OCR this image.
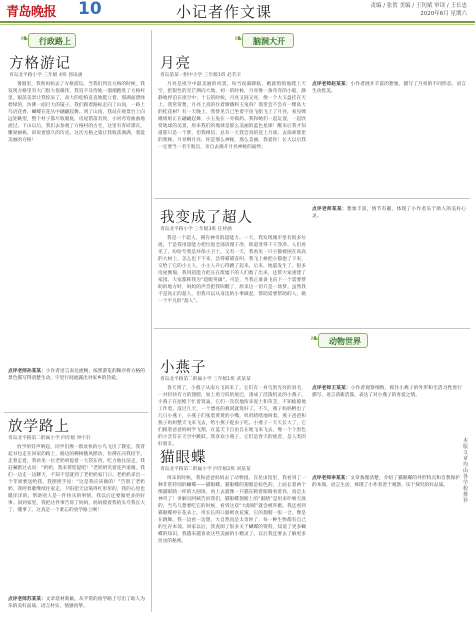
青岛晚报 10	小记者作文课	责编 / 张贺 美编 / 王钊斌 审读 / 王长忠
2020年6月 星期六
❧ 行政路上
方格游记
青岛北平路小学 三年级 4班 郭雨涵
暑假里，我和妈妈去了方格游玩。当我们到达方格的时候，我发现方格里有大门很大很雄伟，我迫不及待地一溜烟跑进了方格村里。眼前美景让我惊呆了，高大的松柏直直地挺立着，那湖面碧绿碧绿的，仿佛一面巨大的镜子。我们跟着路标走向了山顶，一路上鸟语花香，蝴蝶在花丛中翩翩起舞。到了山顶，我站在观景台上向远处眺望，整个村子都尽收眼底，房屋错落有致，小河弯弯曲曲地流过。下山以后，我们去参观了方格村的古宅，这里有青砖黛瓦，雕梁画栋，诉说着悠久的历史。这次方格之旅让我收获满满，我爱美丽的方格！
点评老师孙某某：小作者语言表达流畅，按照游览的顺序将方格的景色描写得清楚生动，字里行间流露出对家乡的热爱。
放学路上
青岛北平路第二附属小学 四年级 钟宇轩
放学的铃声响起，同学们像一群欢快的小鸟飞出了教室。我背起书包走在回家的路上，路边的柳树随风摆动，仿佛在向我招手。走着走着，我看见一位老奶奶提着一大袋东西，吃力地往前走。我赶紧跑过去说：“奶奶，我来帮您提吧！”老奶奶笑着连声道谢。我们一边走一边聊天，不知不觉就到了老奶奶家门口。老奶奶拿出一个苹果要送给我，我摆摆手说：“这是我应该做的！”告别了老奶奶，我哼着歌继续往家走，夕阳把天边染得红彤彤的，我的心里也暖洋洋的。帮助别人是一件快乐的事情，我以后还要做更多的好事。回到家里，我把这件事告诉了妈妈，妈妈摸着我的头夸我长大了、懂事了。这真是一个难忘的放学路上啊！
点评老师苏某某：文章选材新颖，从平常的放学路上写出了助人为乐的美好品质，语言朴实，情感真挚。
❧ 脑洞大开
月亮
青岛第某一附中小学 三年级1班 赵若辛
月亮是夜空中最美丽的风景。每当夜幕降临，她就悄悄地爬上天空，把银色的光芒洒向大地。初一的时候，月亮像一条弯弯的小船，静静地停泊在夜空中；十五的时候，月亮又圆又亮，像一个大玉盘挂在天上。我常常想，月亮上真的住着嫦娥和玉兔吗？那里会不会有一棵高大的桂花树？有一天晚上，我梦见自己坐着宇宙飞船飞上了月亮，看见嫦娥姐姐正在翩翩起舞，小玉兔在一旁捣药。我和她们一起玩耍，一起欣赏地球的美景，原来我们的地球是那么美丽的蓝色星球！醒来后我才知道那只是一个梦，但我相信，总有一天我会真的登上月球，去探索那里的奥秘。月亮啊月亮，你是那么神秘，那么美丽，我爱你！长大以后我一定要当一名宇航员，亲自去揭开月亮神秘的面纱。
点评老师赵某某：小作者展开丰富的想象，描写了月亮的不同形态，语言生动优美。
我变成了超人
青岛北平路小学 三年级3班 任梓涵
我是一个超人，拥有神奇的超能力。一天，我发现城市里有很多垃圾，于是我用超能力把垃圾全部清理干净，街道变得干干净净。人们看见了，纷纷夸我是环保小卫士。又有一天，我看见一只小猫被困在高高的大树上，怎么也下不来，急得喵喵直叫。我飞上树把小猫抱了下来，交给了它的小主人，小主人开心得跳了起来。后来，地震发生了，很多房屋倒塌，我用超能力把压在废墟下的人们救了出来，还帮大家重建了家园。大家都称我为“超级英雄”。可是，当我正准备飞向下一个需要帮助的地方时，妈妈的声音把我叫醒了，原来这一切只是一场梦。虽然我不是真正的超人，但我可以从身边的小事做起，帮助需要帮助的人，做一个平凡的“超人”。
点评老师某某：想象丰富，情节有趣，体现了小作者乐于助人的美好心灵。
❧ 动物世界
小燕子
青岛北平路第二附属小学 三年级1班 武某某
春天到了，小燕子从南方飞回来了。它们有一身乌黑光亮的羽毛，一对轻快有力的翅膀，加上剪刀似的尾巴，凑成了活泼机灵的小燕子。小燕子在屋檐下忙着筑巢，它们一次次地衔来泥土和草茎，不知疲倦地工作着。没过几天，一个漂亮的燕窝就筑好了。不久，燕子妈妈孵出了几只小燕子，小燕子们张着黄黄的小嘴，叽叽喳喳地叫着。燕子爸爸和燕子妈妈整天飞来飞去，给小燕子捉虫子吃。小燕子一天天长大了，它们跟着爸爸妈妈学飞翔，在蓝天下自由自在地飞来飞去，像一个个黑色的小音符在天空中跳跃。我喜欢小燕子，它们是春天的使者，是人类的好朋友。
点评老师王某某：小作者观察细致，抓住小燕子的外形和生活习性进行描写，语言清新活泼，表达了对小燕子的喜爱之情。
猫眼蝶
青岛北平路第二附属小学 四年级2班 刘某某
周末的时候，我和爸爸妈妈去了动物园。在昆虫馆里，我看到了一种非常特别的蝴蝶——猫眼蝶。猫眼蝶的翅膀是棕色的，上面长着两个像猫眼睛一样的大圆斑，看上去就像一只猫在瞪着眼睛看着你，真是太神奇了！讲解员阿姨告诉我们，猫眼蝶翅膀上的“眼睛”是用来吓唬天敌的，当鸟儿想要吃它的时候，看到这双“大眼睛”就会被吓跑。我还看到猫眼蝶停在花朵上，用长长的口器吸食花蜜，它的翅膀一张一合，像是在跳舞。我一边看一边想，大自然真是太奇妙了，每一种生物都有自己的生存本领。回家以后，我查阅了很多关于蝴蝶的资料，知道了更多蝴蝶的知识，我越来越喜欢这些美丽的小精灵了。以后我还要去了解更多昆虫的秘密。
点评老师李某某：文章条理清楚，介绍了猫眼蝶的外形特点和自我保护的本领，语言生动，体现了小作者善于观察、乐于探究的好品质。
本版文章均由各学校推荐
